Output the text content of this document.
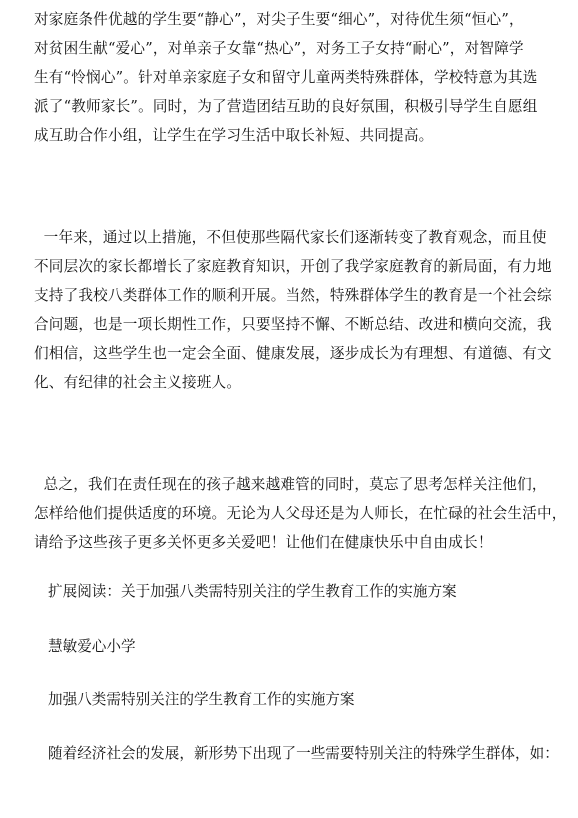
对家庭条件优越的学生要“静心”，对尖子生要“细心”，对待优生须“恒心”，
对贫困生献“爱心”，对单亲子女靠“热心”，对务工子女持“耐心”，对智障学
生有“怜悯心”。针对单亲家庭子女和留守儿童两类特殊群体，学校特意为其选
派了“教师家长”。同时，为了营造团结互助的良好氛围，积极引导学生自愿组
成互助合作小组，让学生在学习生活中取长补短、共同提高。
一年来，通过以上措施，不但使那些隔代家长们逐渐转变了教育观念，而且使
不同层次的家长都增长了家庭教育知识，开创了我学家庭教育的新局面，有力地
支持了我校八类群体工作的顺利开展。当然，特殊群体学生的教育是一个社会综
合问题，也是一项长期性工作，只要坚持不懈、不断总结、改进和横向交流，我
们相信，这些学生也一定会全面、健康发展，逐步成长为有理想、有道德、有文
化、有纪律的社会主义接班人。
总之，我们在责任现在的孩子越来越难管的同时，莫忘了思考怎样关注他们，
怎样给他们提供适度的环境。无论为人父母还是为人师长，在忙碌的社会生活中，
请给予这些孩子更多关怀更多关爱吧！让他们在健康快乐中自由成长！

扩展阅读：关于加强八类需特别关注的学生教育工作的实施方案

慧敏爱心小学

加强八类需特别关注的学生教育工作的实施方案

随着经济社会的发展，新形势下出现了一些需要特别关注的特殊学生群体，如：
